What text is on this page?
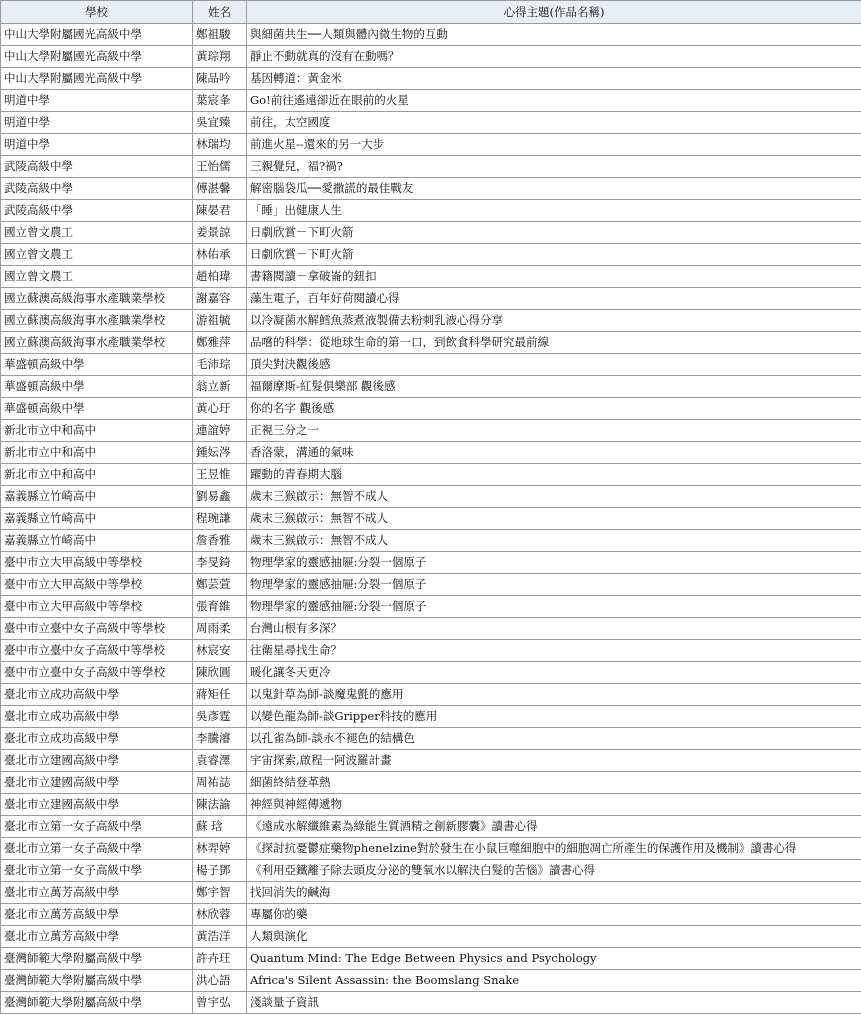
學校	姓名	心得主題(作品名稱)
中山大學附屬國光高級中學	鄭祖駿	與細菌共生──人類與體內微生物的互動
中山大學附屬國光高級中學	黃琮翔	靜止不動就真的沒有在動嗎？
中山大學附屬國光高級中學	陳品吟	基因轉道：黃金米
明道中學	葉宸夆	Go!前往遙遠卻近在眼前的火星
明道中學	吳宜臻	前往，太空國度
明道中學	林瑞均	前進火星--還來的另一大步
武陵高級中學	王怡儒	三親覺兒，福?禍?
武陵高級中學	傅湛馨	解密腦袋瓜──愛撒謊的最佳戰友
武陵高級中學	陳晏君	「睡」出健康人生
國立曾文農工	姜景諒	日劇欣賞－下町火箭
國立曾文農工	林佑承	日劇欣賞－下町火箭
國立曾文農工	趙柏瑋	書籍閱讀－拿破崙的鈕扣
國立蘇澳高級海事水產職業學校	謝嘉容	藻生電子，百年好荷閱讀心得
國立蘇澳高級海事水產職業學校	游祖毓	以冷凝菌水解鱈魚蒸煮液製備去粉刺乳液心得分享
國立蘇澳高級海事水產職業學校	鄭雅萍	品嚐的科學：從地球生命的第一口，到飲食科學研究最前線
華盛頓高級中學	毛沛琮	頂尖對決觀後感
華盛頓高級中學	翁立新	福爾摩斯-紅髮俱樂部 觀後感
華盛頓高級中學	黃心玗	你的名字 觀後感
新北市立中和高中	連誼婷	正視三分之一
新北市立中和高中	鍾妘涔	香洛蒙，溝通的氣味
新北市立中和高中	王昱惟	躍動的青春期大腦
嘉義縣立竹崎高中	劉易鑫	歲末三猴啟示：無智不成人
嘉義縣立竹崎高中	程琬謙	歲末三猴啟示：無智不成人
嘉義縣立竹崎高中	詹香雅	歲末三猴啟示：無智不成人
臺中市立大甲高級中等學校	李旻錡	物理學家的靈感抽屜:分裂一個原子
臺中市立大甲高級中等學校	鄭芸萱	物理學家的靈感抽屜:分裂一個原子
臺中市立大甲高級中等學校	張育維	物理學家的靈感抽屜:分裂一個原子
臺中市立臺中女子高級中等學校	周雨柔	台灣山根有多深？
臺中市立臺中女子高級中等學校	林宸安	往衛星尋找生命？
臺中市立臺中女子高級中等學校	陳欣圓	暖化讓冬天更冷
臺北市立成功高級中學	蔣矩任	以鬼針草為師-談魔鬼氈的應用
臺北市立成功高級中學	吳彥霆	以變色龍為師-談Gripper科技的應用
臺北市立成功高級中學	李騰濬	以孔雀為師-談永不褪色的結構色
臺北市立建國高級中學	袁睿澤	宇宙探索,啟程一阿波羅計畫
臺北市立建國高級中學	周祐誌	細菌終結登革熱
臺北市立建國高級中學	陳法諭	神經與神經傳遞物
臺北市立第一女子高級中學	蘇 琀	《遠成水解纖維素為綠能生質酒精之創新膠囊》讀書心得
臺北市立第一女子高級中學	林羿婷	《探討抗憂鬱症藥物phenelzine對於發生在小鼠巨噬細胞中的細胞凋亡所產生的保護作用及機制》讀書心得
臺北市立第一女子高級中學	楊子鄧	《利用亞鐵離子除去頭皮分泌的雙氧水以解決白髮的苦惱》讀書心得
臺北市立萬芳高級中學	鄭宇智	找回消失的鹹海
臺北市立萬芳高級中學	林欣蓉	專屬你的藥
臺北市立萬芳高級中學	黃浩洋	人類與演化
臺灣師範大學附屬高級中學	許卉玨	Quantum Mind: The Edge Between Physics and Psychology
臺灣師範大學附屬高級中學	洪心語	Africa's Silent Assassin: the Boomslang Snake
臺灣師範大學附屬高級中學	曾宇弘	淺談量子資訊
